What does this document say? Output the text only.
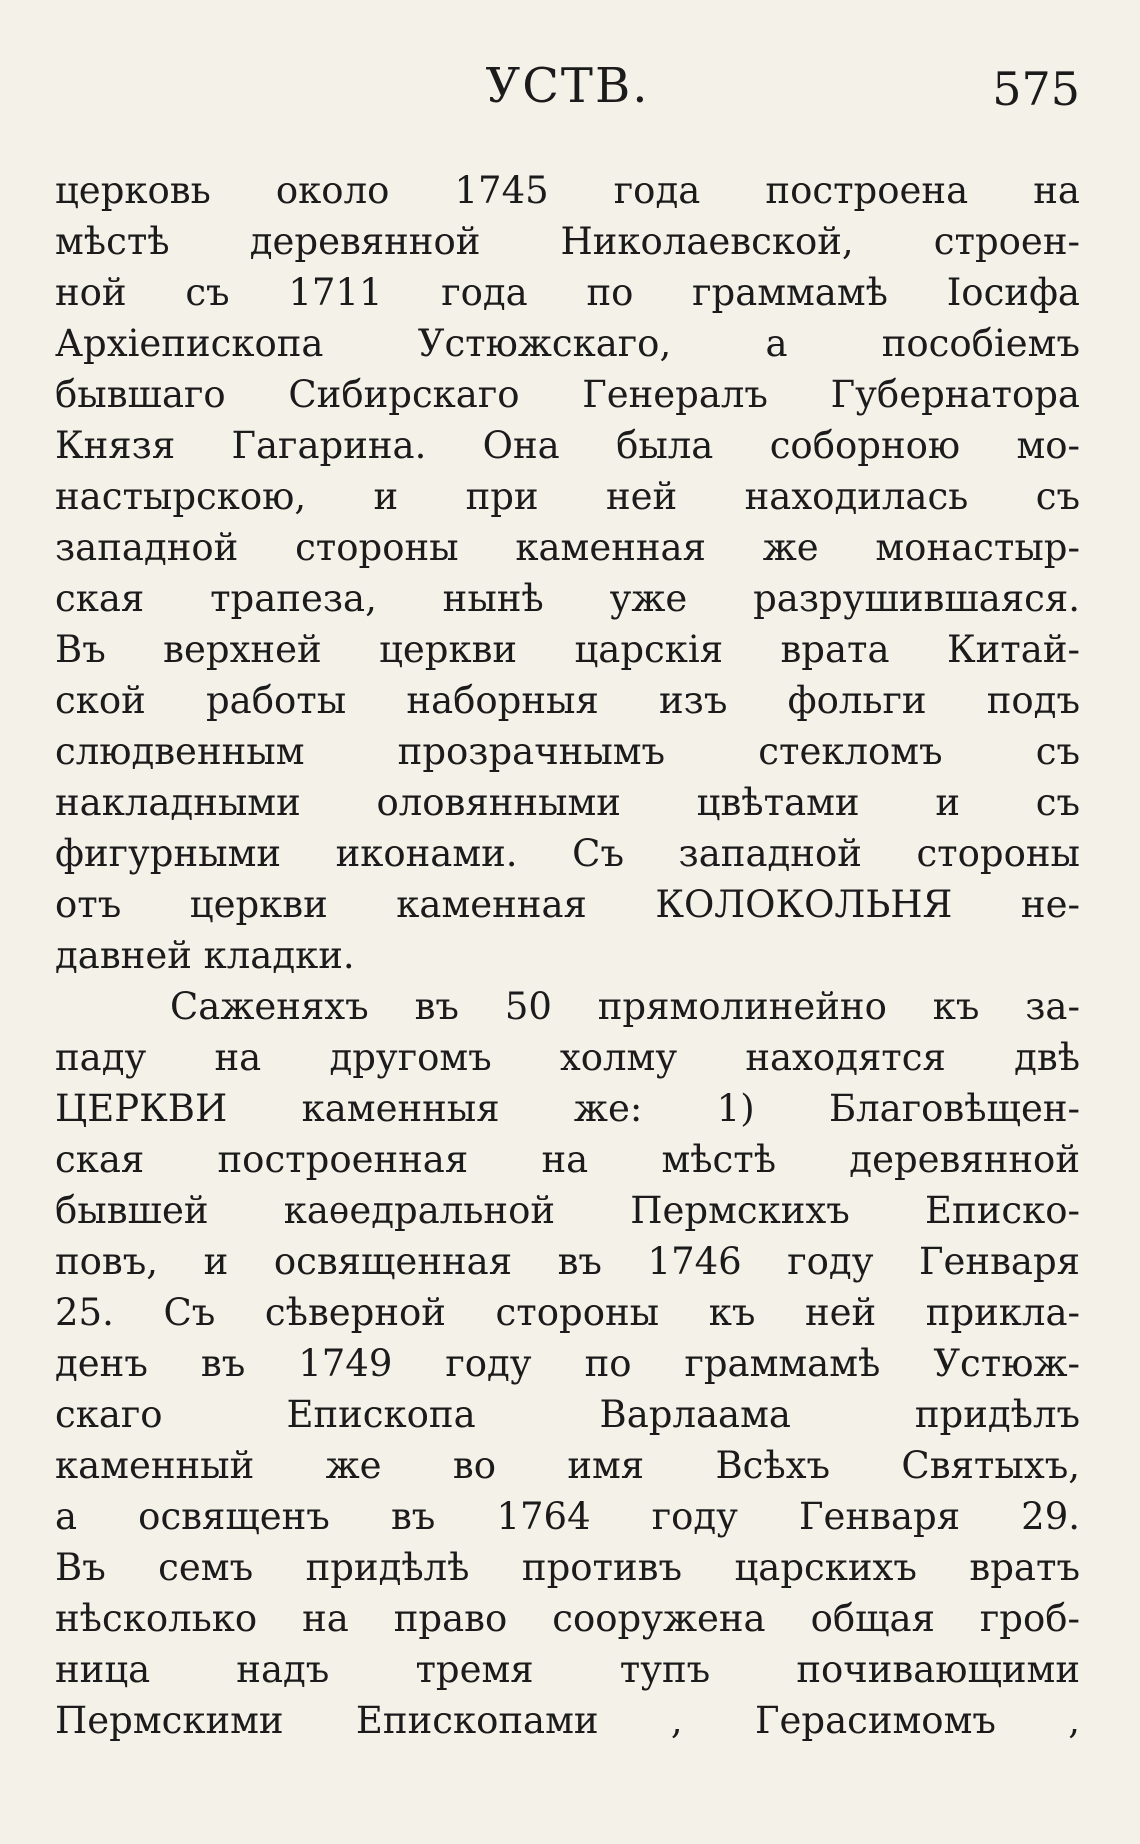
УСТВ.	575
церковь около 1745 года построена на
мѣстѣ деревянной Николаевской, строен-
ной съ 1711 года по граммамѣ Іосифа
Архіепископа Устюжскаго, а пособіемъ
бывшаго Сибирскаго Генералъ Губернатора
Князя Гагарина. Она была соборною мо-
настырскою, и при ней находилась съ
западной стороны каменная же монастыр-
ская трапеза, нынѣ уже разрушившаяся.
Въ верхней церкви царскія врата Китай-
ской работы наборныя изъ фольги подъ
слюдвенным прозрачнымъ стекломъ съ
накладными оловянными цвѣтами и съ
фигурными иконами. Съ западной стороны
отъ церкви каменная КОЛОКОЛЬНЯ не-
давней кладки.
Саженяхъ въ 50 прямолинейно къ за-
паду на другомъ холму находятся двѣ
ЦЕРКВИ каменныя же: 1) Благовѣщен-
ская построенная на мѣстѣ деревянной
бывшей каѳедральной Пермскихъ Еписко-
повъ, и освященная въ 1746 году Генваря
25. Съ сѣверной стороны къ ней прикла-
денъ въ 1749 году по граммамѣ Устюж-
скаго Епископа Варлаама придѣлъ
каменный же во имя Всѣхъ Святыхъ,
а освященъ въ 1764 году Генваря 29.
Въ семъ придѣлѣ противъ царскихъ вратъ
нѣсколько на право сооружена общая гроб-
ница надъ тремя тупъ почивающими
Пермскими Епископами , Герасимомъ ,
